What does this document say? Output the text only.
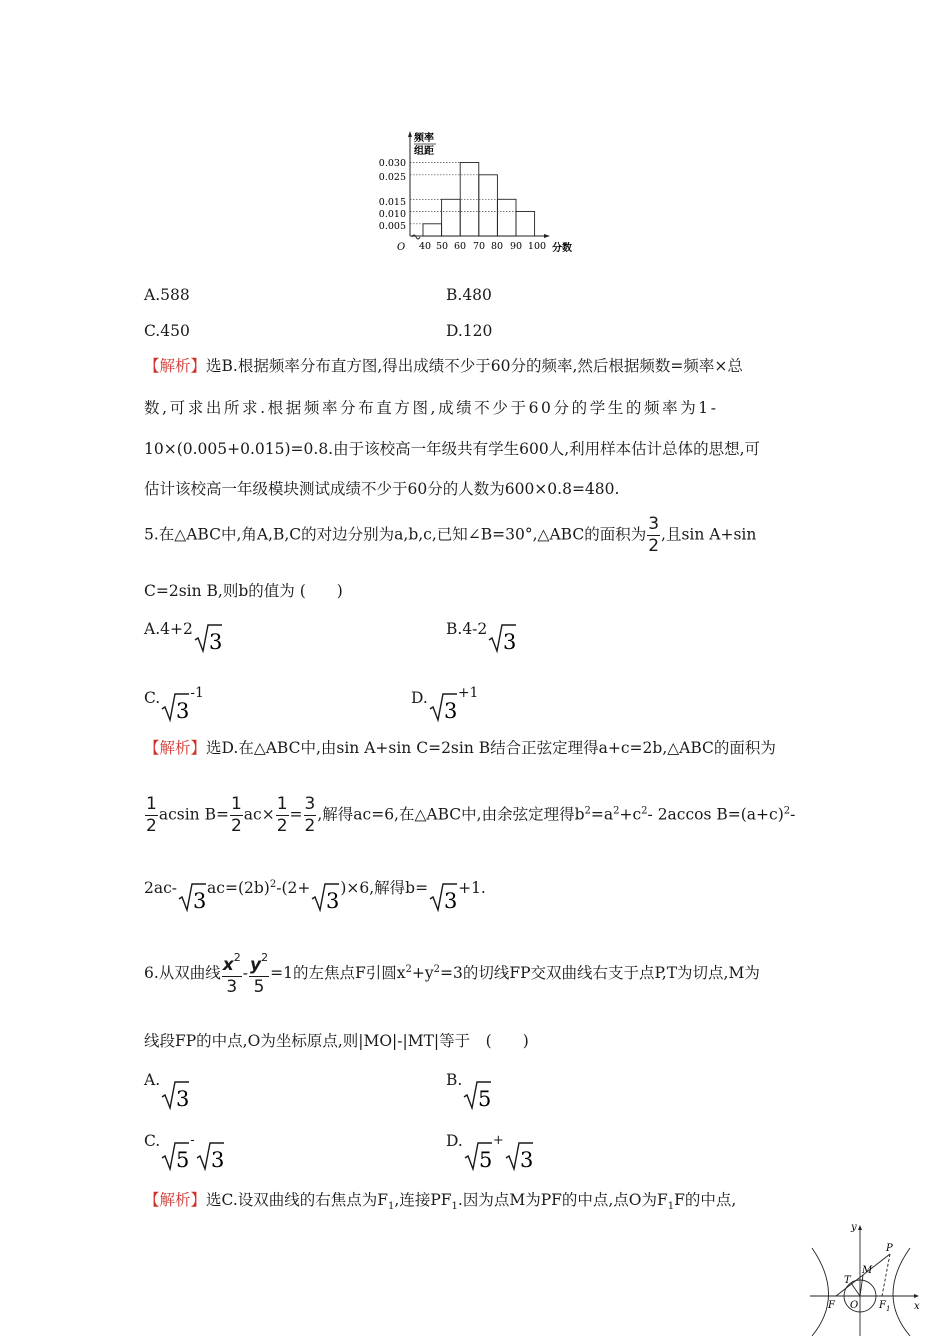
频率
组距
O	分数
0.030
0.025
0.015
0.010
0.005
40 50 60 70 80 90 100
A.588	B.480
C.450	D.120
【解析】选B.根据频率分布直方图,得出成绩不少于60分的频率,然后根据频数=频率×总
数,可求出所求.根据频率分布直方图,成绩不少于60分的学生的频率为1-
10×(0.005+0.015)=0.8.由于该校高一年级共有学生600人,利用样本估计总体的思想,可
估计该校高一年级模块测试成绩不少于60分的人数为600×0.8=480.
5.在△ABC中,角A,B,C的对边分别为a,b,c,已知∠B=30°,△ABC的面积为 $\frac{3}{2}$ ,且sin A+sin
C=2sin B,则b的值为 (　　)
A.4+2
3
B.4-2
3
C.
3
-1	D.
3
+1
【解析】选D.在△ABC中,由sin A+sin C=2sin B结合正弦定理得a+c=2b,△ABC的面积为
$\frac{1}{2}$ acsin $B= \frac{1}{2} ac\times \frac{1}{2} = \frac{3}{2}$ ,解得ac=6,在△ABC中,由余弦定理得$b^2=a^2+c^2-$ 2accos $B=(a+c)^2-$
2ac-
3
$ac=(2b)^2-(2+$
3
)×6,解得b=
3
+1.
6.从双曲线 $\frac{x^2}{3} - \frac{y^2}{5} =1$的左焦点F引圆$x^2+y^2=3$的切线FP交双曲线右支于点P,T为切点,M为
线段FP的中点,O为坐标原点,则|MO|-|MT|等于　(　　)
A.
3
B.
5
C.
5
-
3
D.
5
+
3
【解析】选C.设双曲线的右焦点为$F_1$,连接$PF_1$.因为点M为PF的中点,点O为$F_1F$的中点,
y
x
P
M
T
F O $F_1$
